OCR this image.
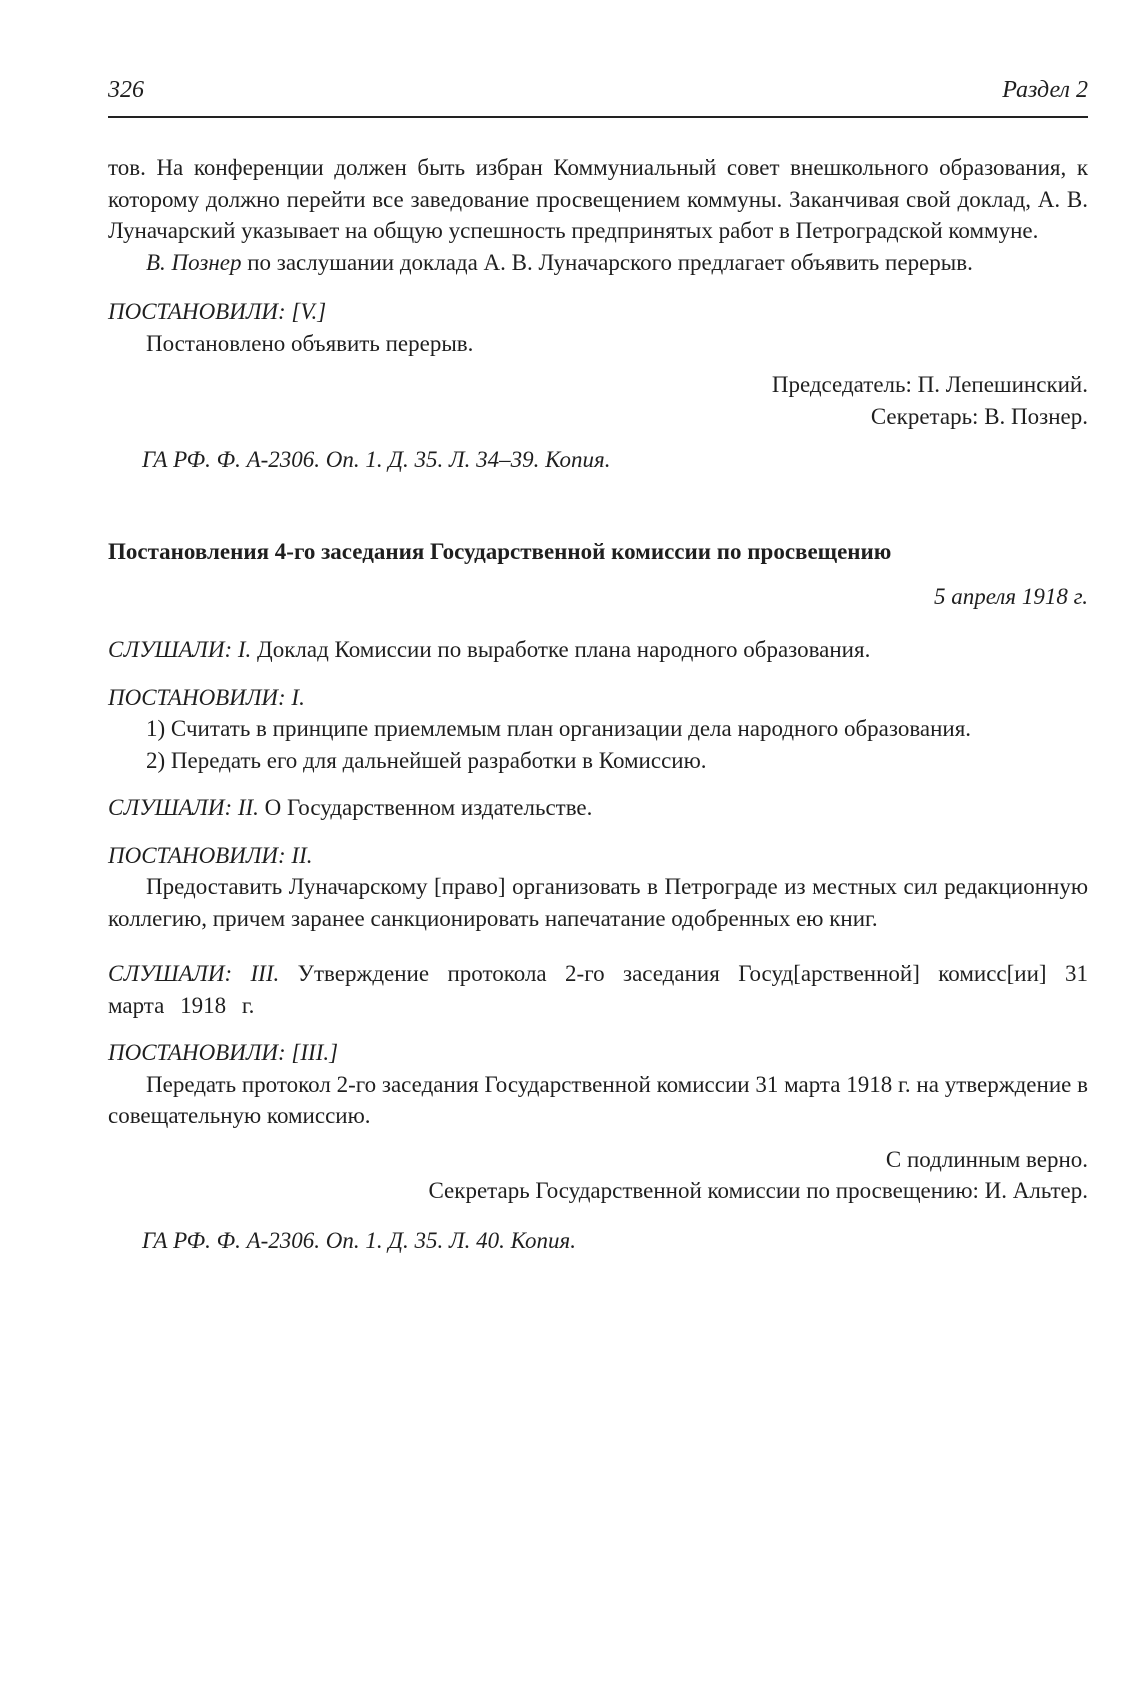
326	Раздел 2

тов. На конференции должен быть избран Коммуниальный совет внешкольного образования, к которому должно перейти все заведование просвещением коммуны. Заканчивая свой доклад, А. В. Луначарский указывает на общую успешность предпринятых работ в Петроградской коммуне.

В. Познер по заслушании доклада А. В. Луначарского предлагает объявить перерыв.

ПОСТАНОВИЛИ: [V.]

Постановлено объявить перерыв.

Председатель: П. Лепешинский.

Секретарь: В. Познер.

ГА РФ. Ф. А-2306. Оп. 1. Д. 35. Л. 34–39. Копия.

Постановления 4-го заседания Государственной комиссии по просвещению

5 апреля 1918 г.

СЛУШАЛИ: I. Доклад Комиссии по выработке плана народного образования.

ПОСТАНОВИЛИ: I.

1) Считать в принципе приемлемым план организации дела народного образования.

2) Передать его для дальнейшей разработки в Комиссию.

СЛУШАЛИ: II. О Государственном издательстве.

ПОСТАНОВИЛИ: II.

Предоставить Луначарскому [право] организовать в Петрограде из местных сил редакционную коллегию, причем заранее санкционировать напечатание одобренных ею книг.

СЛУШАЛИ: III. Утверждение протокола 2-го заседания Госуд[арственной] комисс[ии] 31 марта 1918 г.

ПОСТАНОВИЛИ: [III.]

Передать протокол 2-го заседания Государственной комиссии 31 марта 1918 г. на утверждение в совещательную комиссию.

С подлинным верно.

Секретарь Государственной комиссии по просвещению: И. Альтер.

ГА РФ. Ф. А-2306. Оп. 1. Д. 35. Л. 40. Копия.
